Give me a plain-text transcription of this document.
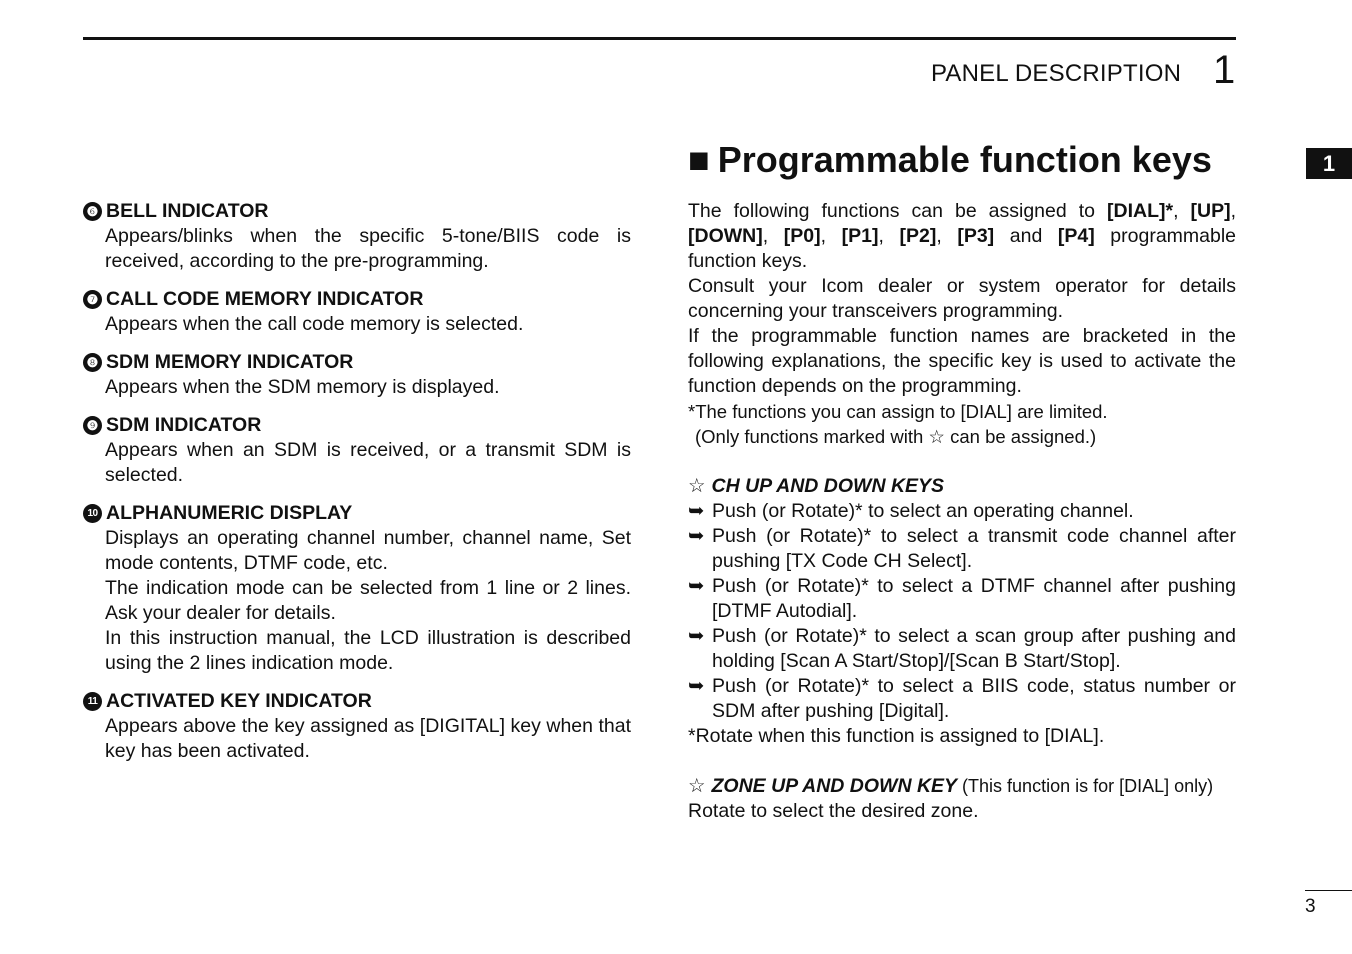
PANEL DESCRIPTION 1
1
❻ BELL INDICATOR
Appears/blinks when the specific 5-tone/BIIS code is received, according to the pre-programming.
❼ CALL CODE MEMORY INDICATOR
Appears when the call code memory is selected.
❽ SDM MEMORY INDICATOR
Appears when the SDM memory is displayed.
❾ SDM INDICATOR
Appears when an SDM is received, or a transmit SDM is selected.
10 ALPHANUMERIC DISPLAY
Displays an operating channel number, channel name, Set mode contents, DTMF code, etc.
The indication mode can be selected from 1 line or 2 lines. Ask your dealer for details.
In this instruction manual, the LCD illustration is described using the 2 lines indication mode.
11 ACTIVATED KEY INDICATOR
Appears above the key assigned as [DIGITAL] key when that key has been activated.
■ Programmable function keys
The following functions can be assigned to [DIAL]*, [UP], [DOWN], [P0], [P1], [P2], [P3] and [P4] programmable function keys.
Consult your Icom dealer or system operator for details concerning your transceivers programming.
If the programmable function names are bracketed in the following explanations, the specific key is used to activate the function depends on the programming.
*The functions you can assign to [DIAL] are limited.
(Only functions marked with ☆ can be assigned.)
☆ CH UP AND DOWN KEYS
➥ Push (or Rotate)* to select an operating channel.
➥ Push (or Rotate)* to select a transmit code channel after pushing [TX Code CH Select].
➥ Push (or Rotate)* to select a DTMF channel after pushing [DTMF Autodial].
➥ Push (or Rotate)* to select a scan group after pushing and holding [Scan A Start/Stop]/[Scan B Start/Stop].
➥ Push (or Rotate)* to select a BIIS code, status number or SDM after pushing [Digital].
*Rotate when this function is assigned to [DIAL].
☆ ZONE UP AND DOWN KEY (This function is for [DIAL] only)
Rotate to select the desired zone.
3
